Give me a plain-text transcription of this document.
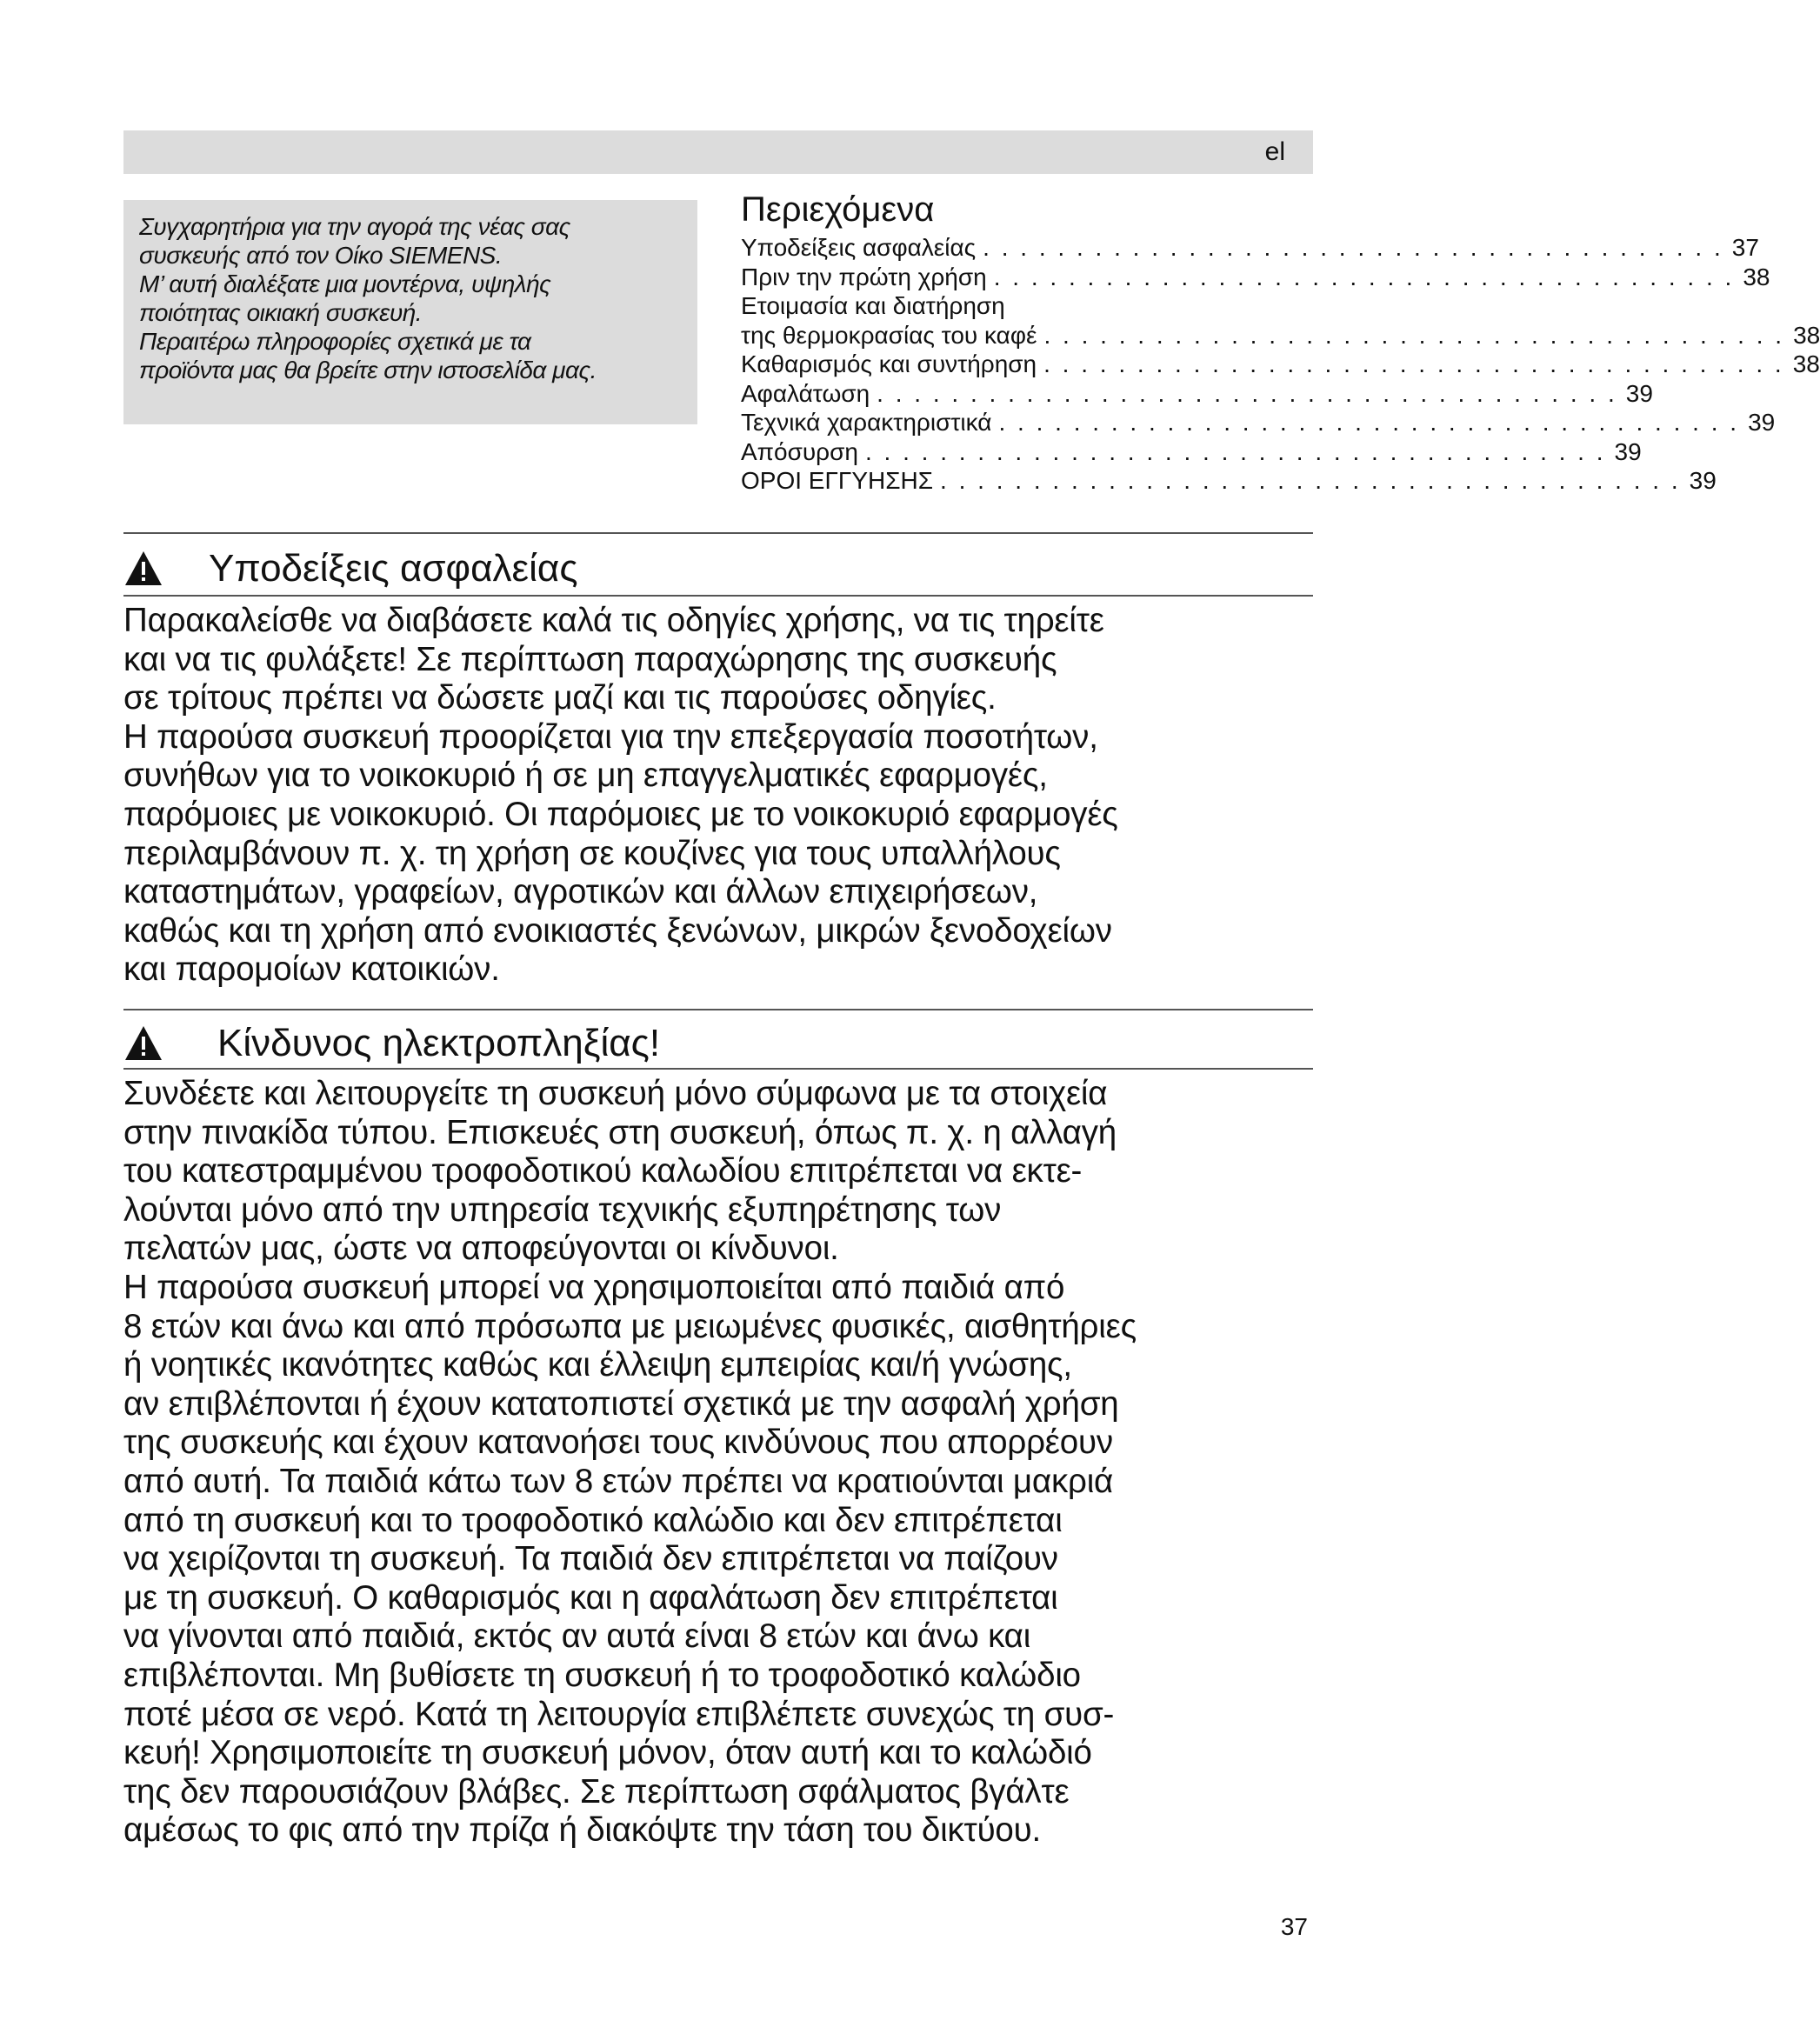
el

Συγχαρητήρια για την αγορά της νέας σας

συσκευής από τον Οίκο SIEMENS.

Μ’ αυτή διαλέξατε μια μοντέρνα, υψηλής

ποιότητας οικιακή συσκευή.

Περαιτέρω πληροφορίες σχετικά με τα

προϊόντα μας θα βρείτε στην ιστοσελίδα μας.

Περιεχόμενα
Υποδείξεις ασφαλείας . . . . . . . . . . . . . . . . . . . . . . . . . . . . . . . . . . . . . . . . 37
Πριν την πρώτη χρήση . . . . . . . . . . . . . . . . . . . . . . . . . . . . . . . . . . . . . . . . 38
Ετοιμασία και διατήρηση
της θερμοκρασίας του καφέ . . . . . . . . . . . . . . . . . . . . . . . . . . . . . . . . . . . . . . . . 38
Καθαρισμός και συντήρηση . . . . . . . . . . . . . . . . . . . . . . . . . . . . . . . . . . . . . . . . 38
Αφαλάτωση . . . . . . . . . . . . . . . . . . . . . . . . . . . . . . . . . . . . . . . . 39
Τεχνικά χαρακτηριστικά . . . . . . . . . . . . . . . . . . . . . . . . . . . . . . . . . . . . . . . . 39
Απόσυρση . . . . . . . . . . . . . . . . . . . . . . . . . . . . . . . . . . . . . . . . 39
ΟΡΟΙ ΕΓΓΥΗΣΗΣ . . . . . . . . . . . . . . . . . . . . . . . . . . . . . . . . . . . . . . . . 39
Υποδείξεις ασφαλείας
Παρακαλείσθε να διαβάσετε καλά τις οδηγίες χρήσης, να τις τηρείτε
και να τις φυλάξετε! Σε περίπτωση παραχώρησης της συσκευής
σε τρίτους πρέπει να δώσετε μαζί και τις παρούσες οδηγίες.
Η παρούσα συσκευή προορίζεται για την επεξεργασία ποσοτήτων,
συνήθων για το νοικοκυριό ή σε μη επαγγελματικές εφαρμογές,
παρόμοιες με νοικοκυριό. Οι παρόμοιες με το νοικοκυριό εφαρμογές
περιλαμβάνουν π. χ. τη χρήση σε κουζίνες για τους υπαλλήλους
καταστημάτων, γραφείων, αγροτικών και άλλων επιχειρήσεων,
καθώς και τη χρήση από ενοικιαστές ξενώνων, μικρών ξενοδοχείων
και παρομοίων κατοικιών.
Κίνδυνος ηλεκτροπληξίας!
Συνδέετε και λειτουργείτε τη συσκευή μόνο σύμφωνα με τα στοιχεία
στην πινακίδα τύπου. Επισκευές στη συσκευή, όπως π. χ. η αλλαγή
του κατεστραμμένου τροφοδοτικού καλωδίου επιτρέπεται να εκτε-
λούνται μόνο από την υπηρεσία τεχνικής εξυπηρέτησης των
πελατών μας, ώστε να αποφεύγονται οι κίνδυνοι.
Η παρούσα συσκευή μπορεί να χρησιμοποιείται από παιδιά από
8 ετών και άνω και από πρόσωπα με μειωμένες φυσικές, αισθητήριες
ή νοητικές ικανότητες καθώς και έλλειψη εμπειρίας και/ή γνώσης,
αν επιβλέπονται ή έχουν κατατοπιστεί σχετικά με την ασφαλή χρήση
της συσκευής και έχουν κατανοήσει τους κινδύνους που απορρέουν
από αυτή. Τα παιδιά κάτω των 8 ετών πρέπει να κρατιούνται μακριά
από τη συσκευή και το τροφοδοτικό καλώδιο και δεν επιτρέπεται
να χειρίζονται τη συσκευή. Τα παιδιά δεν επιτρέπεται να παίζουν
με τη συσκευή. Ο καθαρισμός και η αφαλάτωση δεν επιτρέπεται
να γίνονται από παιδιά, εκτός αν αυτά είναι 8 ετών και άνω και
επιβλέπονται. Μη βυθίσετε τη συσκευή ή το τροφοδοτικό καλώδιο
ποτέ μέσα σε νερό. Κατά τη λειτουργία επιβλέπετε συνεχώς τη συσ-
κευή! Χρησιμοποιείτε τη συσκευή μόνον, όταν αυτή και το καλώδιό
της δεν παρουσιάζουν βλάβες. Σε περίπτωση σφάλματος βγάλτε
αμέσως το φις από την πρίζα ή διακόψτε την τάση του δικτύου.
37
